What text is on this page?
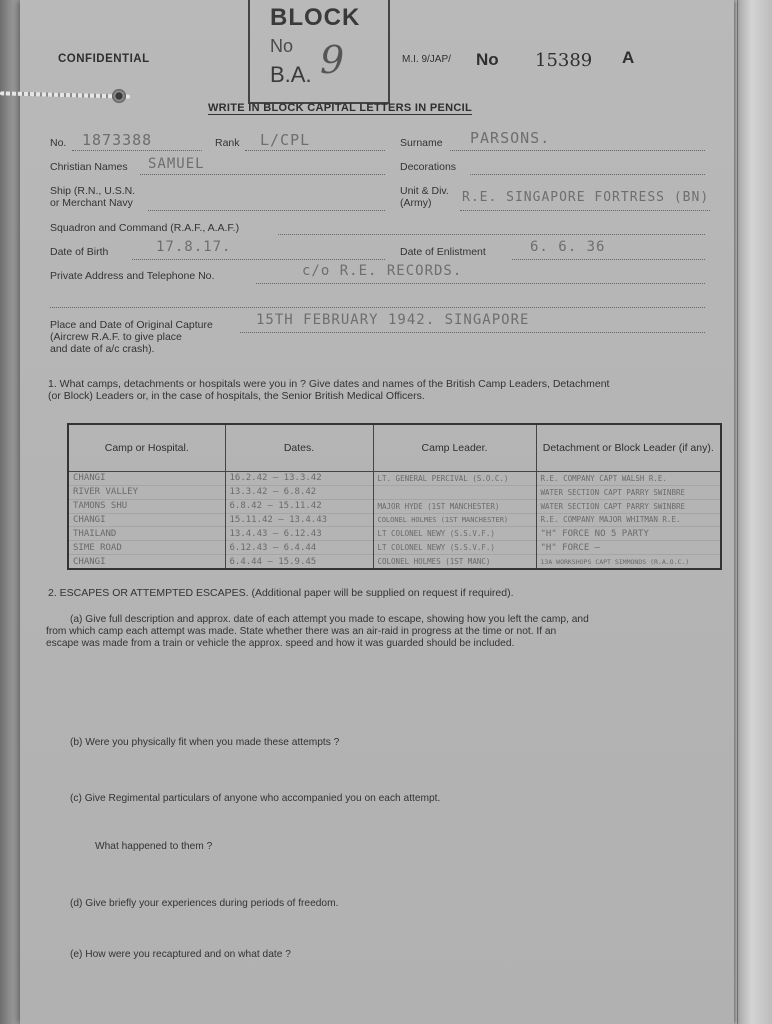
BLOCK
No
B.A. 9
CONFIDENTIAL	M.I. 9/JAP/ No 15389 A
WRITE IN BLOCK CAPITAL LETTERS IN PENCIL
No. 1873388	Rank L/CPL	Surname PARSONS.
Christian Names SAMUEL	Decorations
Ship (R.N., U.S.N.
or Merchant Navy
Unit & Div.
(Army) R.E. SINGAPORE FORTRESS (BN)
Squadron and Command (R.A.F., A.A.F.)
Date of Birth	17.8.17.	Date of Enlistment	6. 6. 36
Private Address and Telephone No.	c/o R.E. RECORDS.
Place and Date of Original Capture
(Aircrew R.A.F. to give place
and date of a/c crash).
15TH FEBRUARY 1942. SINGAPORE
1. What camps, detachments or hospitals were you in ? Give dates and names of the British Camp Leaders, Detachment
(or Block) Leaders or, in the case of hospitals, the Senior British Medical Officers.
Camp or Hospital.	Dates.	Camp Leader.	Detachment or Block Leader (if any).
CHANGI	16.2.42 – 13.3.42	LT. GENERAL PERCIVAL (S.O.C.)	R.E. COMPANY CAPT WALSH R.E.
RIVER VALLEY	13.3.42 – 6.8.42		WATER SECTION CAPT PARRY SWINBRE
TAMONS SHU	6.8.42 – 15.11.42	MAJOR HYDE (1ST MANCHESTER)	WATER SECTION CAPT PARRY SWINBRE
CHANGI	15.11.42 – 13.4.43	COLONEL HOLMES (1ST MANCHESTER)	R.E. COMPANY MAJOR WHITMAN R.E.
THAILAND	13.4.43 – 6.12.43	LT COLONEL NEWY (S.S.V.F.)	"H" FORCE NO 5 PARTY
SIME ROAD	6.12.43 – 6.4.44	LT COLONEL NEWY (S.S.V.F.)	"H" FORCE —
CHANGI	6.4.44 – 15.9.45	COLONEL HOLMES (1ST MANC)	13A WORKSHOPS CAPT SIMMONDS (R.A.O.C.)
2. ESCAPES OR ATTEMPTED ESCAPES. (Additional paper will be supplied on request if required).
(a) Give full description and approx. date of each attempt you made to escape, showing how you left the camp, and
from which camp each attempt was made. State whether there was an air-raid in progress at the time or not. If an
escape was made from a train or vehicle the approx. speed and how it was guarded should be included.
(b) Were you physically fit when you made these attempts ?
(c) Give Regimental particulars of anyone who accompanied you on each attempt.
What happened to them ?
(d) Give briefly your experiences during periods of freedom.
(e) How were you recaptured and on what date ?
